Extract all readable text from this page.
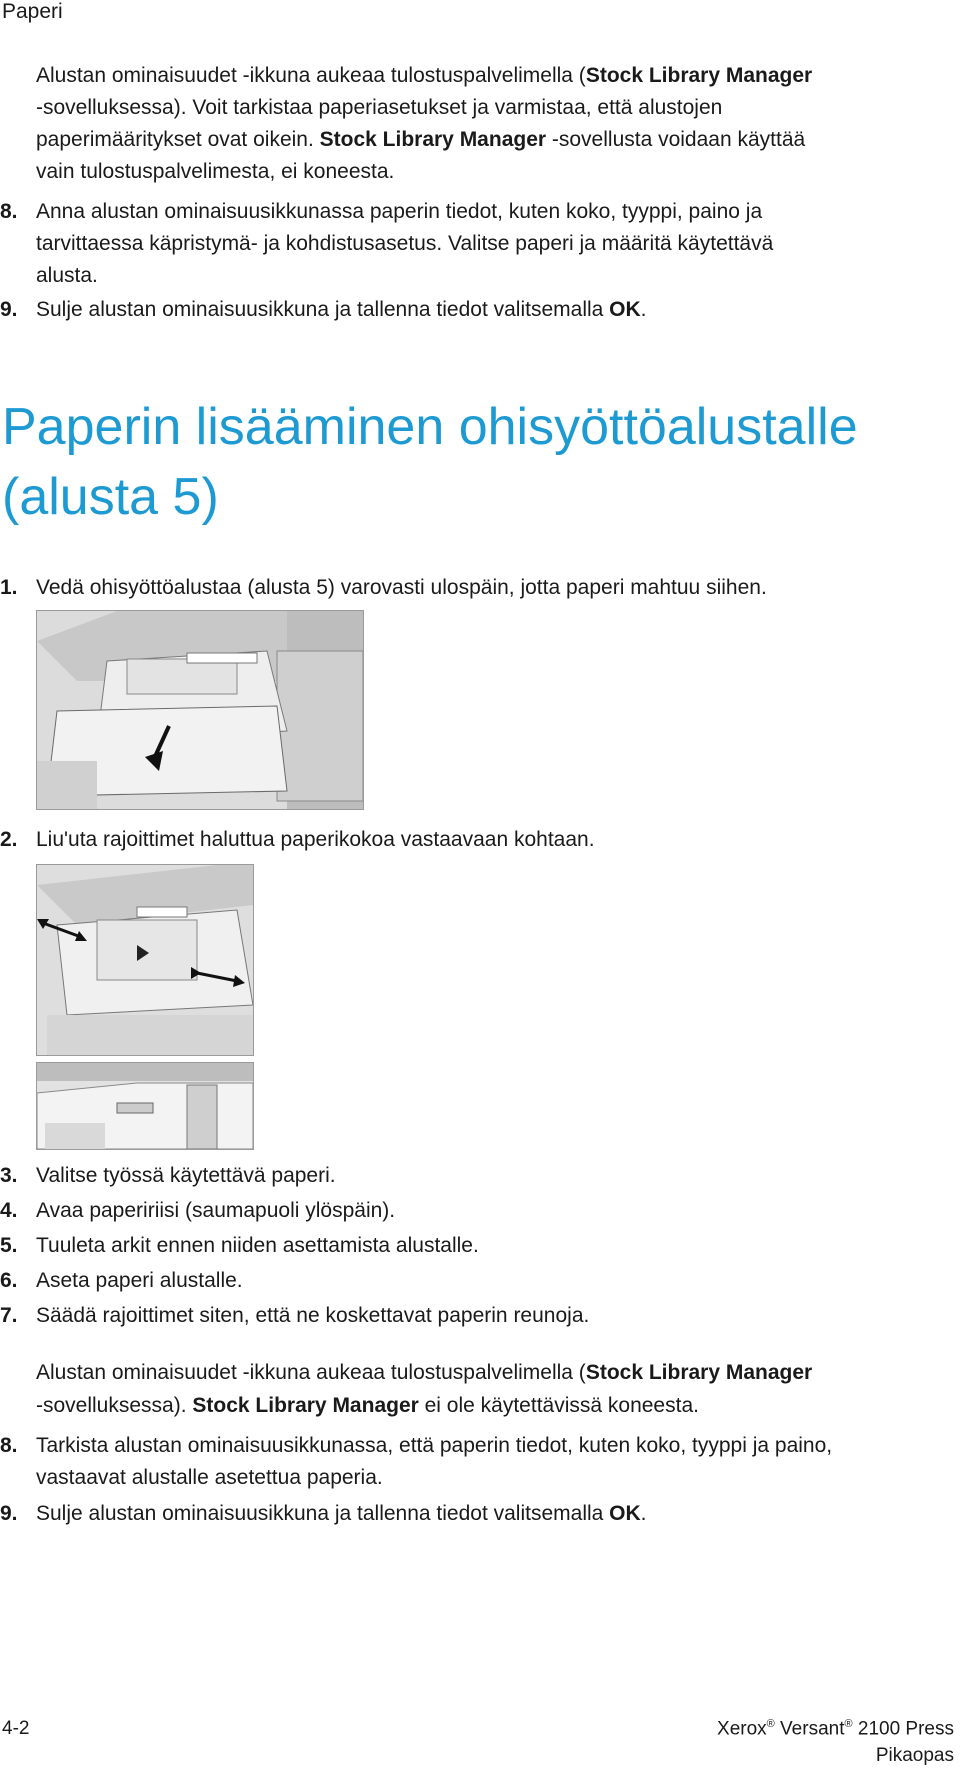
Paperi
Alustan ominaisuudet -ikkuna aukeaa tulostuspalvelimella (Stock Library Manager
-sovelluksessa). Voit tarkistaa paperiasetukset ja varmistaa, että alustojen
paperimääritykset ovat oikein. Stock Library Manager -sovellusta voidaan käyttää
vain tulostuspalvelimesta, ei koneesta.
8. Anna alustan ominaisuusikkunassa paperin tiedot, kuten koko, tyyppi, paino ja
tarvittaessa käpristymä- ja kohdistusasetus. Valitse paperi ja määritä käytettävä
alusta.
9. Sulje alustan ominaisuusikkuna ja tallenna tiedot valitsemalla OK.
Paperin lisääminen ohisyöttöalustalle
(alusta 5)
1. Vedä ohisyöttöalustaa (alusta 5) varovasti ulospäin, jotta paperi mahtuu siihen.
2. Liu'uta rajoittimet haluttua paperikokoa vastaavaan kohtaan.
3. Valitse työssä käytettävä paperi.
4. Avaa papeririisi (saumapuoli ylöspäin).
5. Tuuleta arkit ennen niiden asettamista alustalle.
6. Aseta paperi alustalle.
7. Säädä rajoittimet siten, että ne koskettavat paperin reunoja.
Alustan ominaisuudet -ikkuna aukeaa tulostuspalvelimella (Stock Library Manager
-sovelluksessa). Stock Library Manager ei ole käytettävissä koneesta.
8. Tarkista alustan ominaisuusikkunassa, että paperin tiedot, kuten koko, tyyppi ja paino,
vastaavat alustalle asetettua paperia.
9. Sulje alustan ominaisuusikkuna ja tallenna tiedot valitsemalla OK.
4-2	Xerox® Versant® 2100 Press
Pikaopas
